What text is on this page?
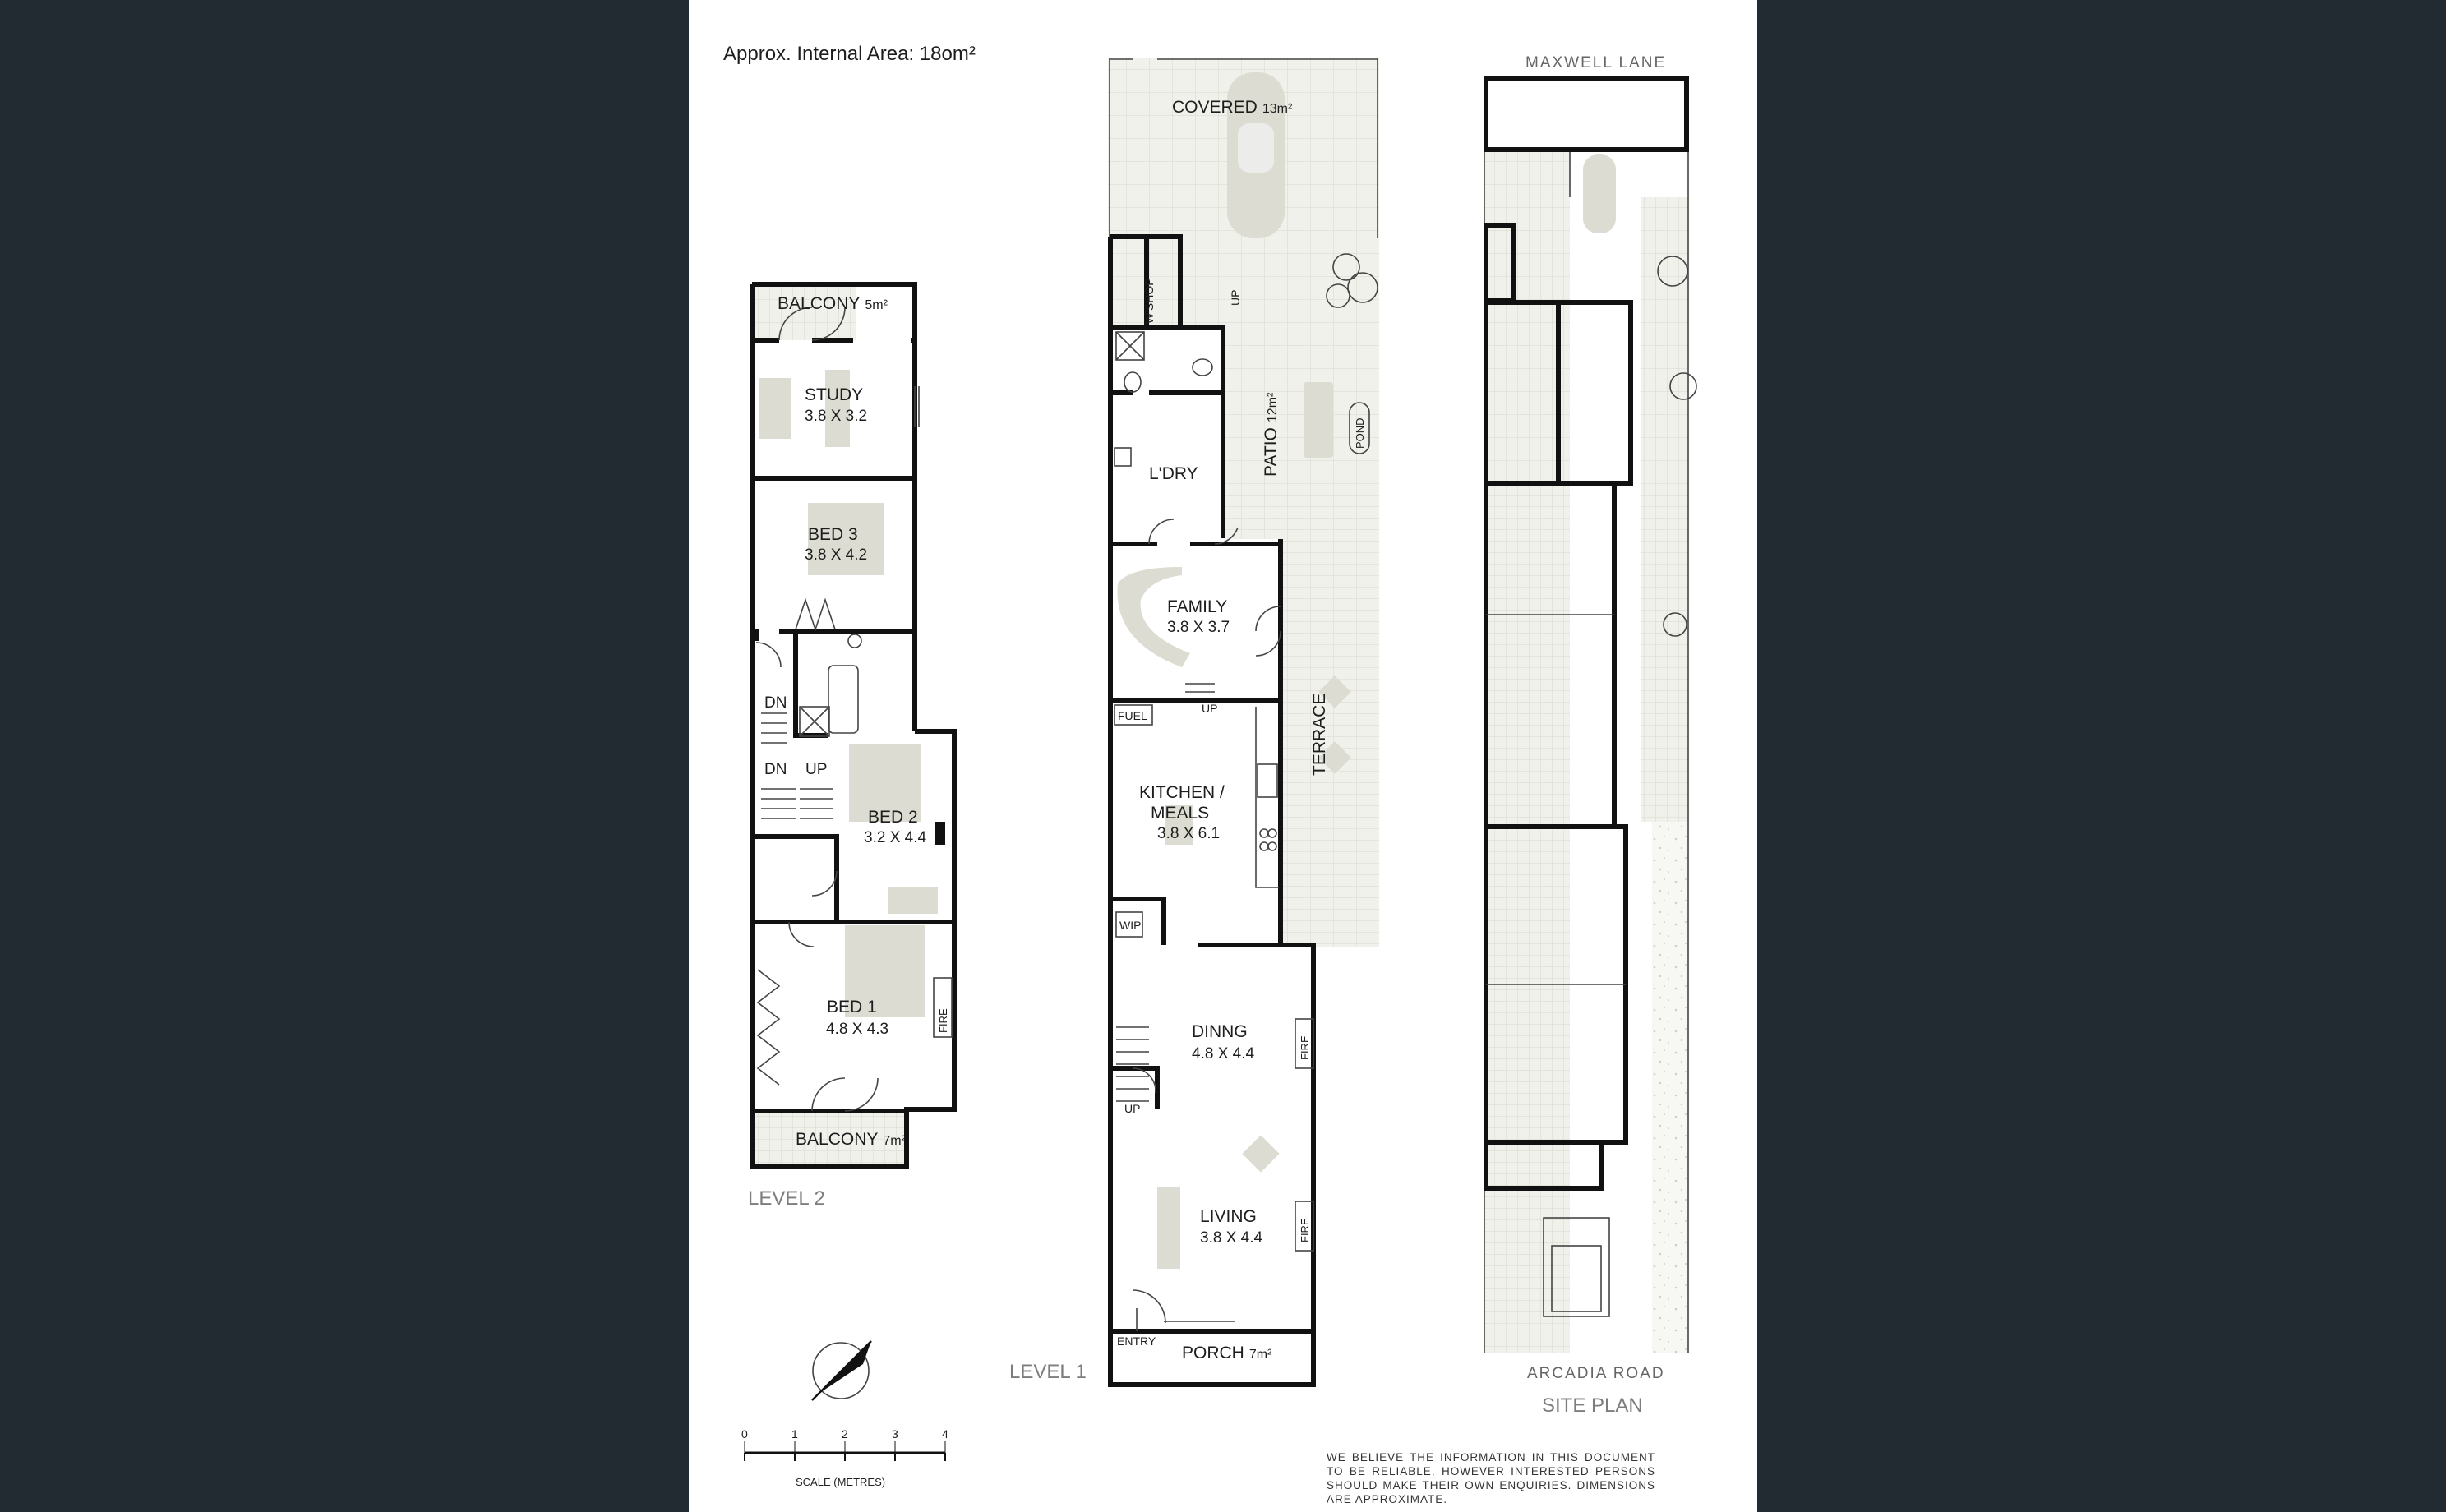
Approx. Internal Area: 18om²
BALCONY 5m²
STUDY
3.8 X 3.2
BED 3
3.8 X 4.2
DN
DN UP
BED 2
3.2 X 4.4
BED 1
4.8 X 4.3	FIRE
BALCONY 7m²
LEVEL 2
COVERED 13m²
W'SHOP	UP
PATIO12m²
POND
L'DRY
FAMILY
3.8 X 3.7
UP
FUEL	TERRACE
KITCHEN /
MEALS
3.8 X 6.1
WIP
DINNG
4.8 X 4.4	FIRE
UP
LIVING
3.8 X 4.4	FIRE
ENTRY
PORCH 7m²
LEVEL 1
MAXWELL LANE
ARCADIA ROAD
SITE PLAN
0	1	2	3	4
SCALE (METRES)
WE BELIEVE THE INFORMATION IN THIS DOCUMENT TO BE RELIABLE, HOWEVER INTERESTED PERSONS SHOULD MAKE THEIR OWN ENQUIRIES. DIMENSIONS ARE APPROXIMATE.
